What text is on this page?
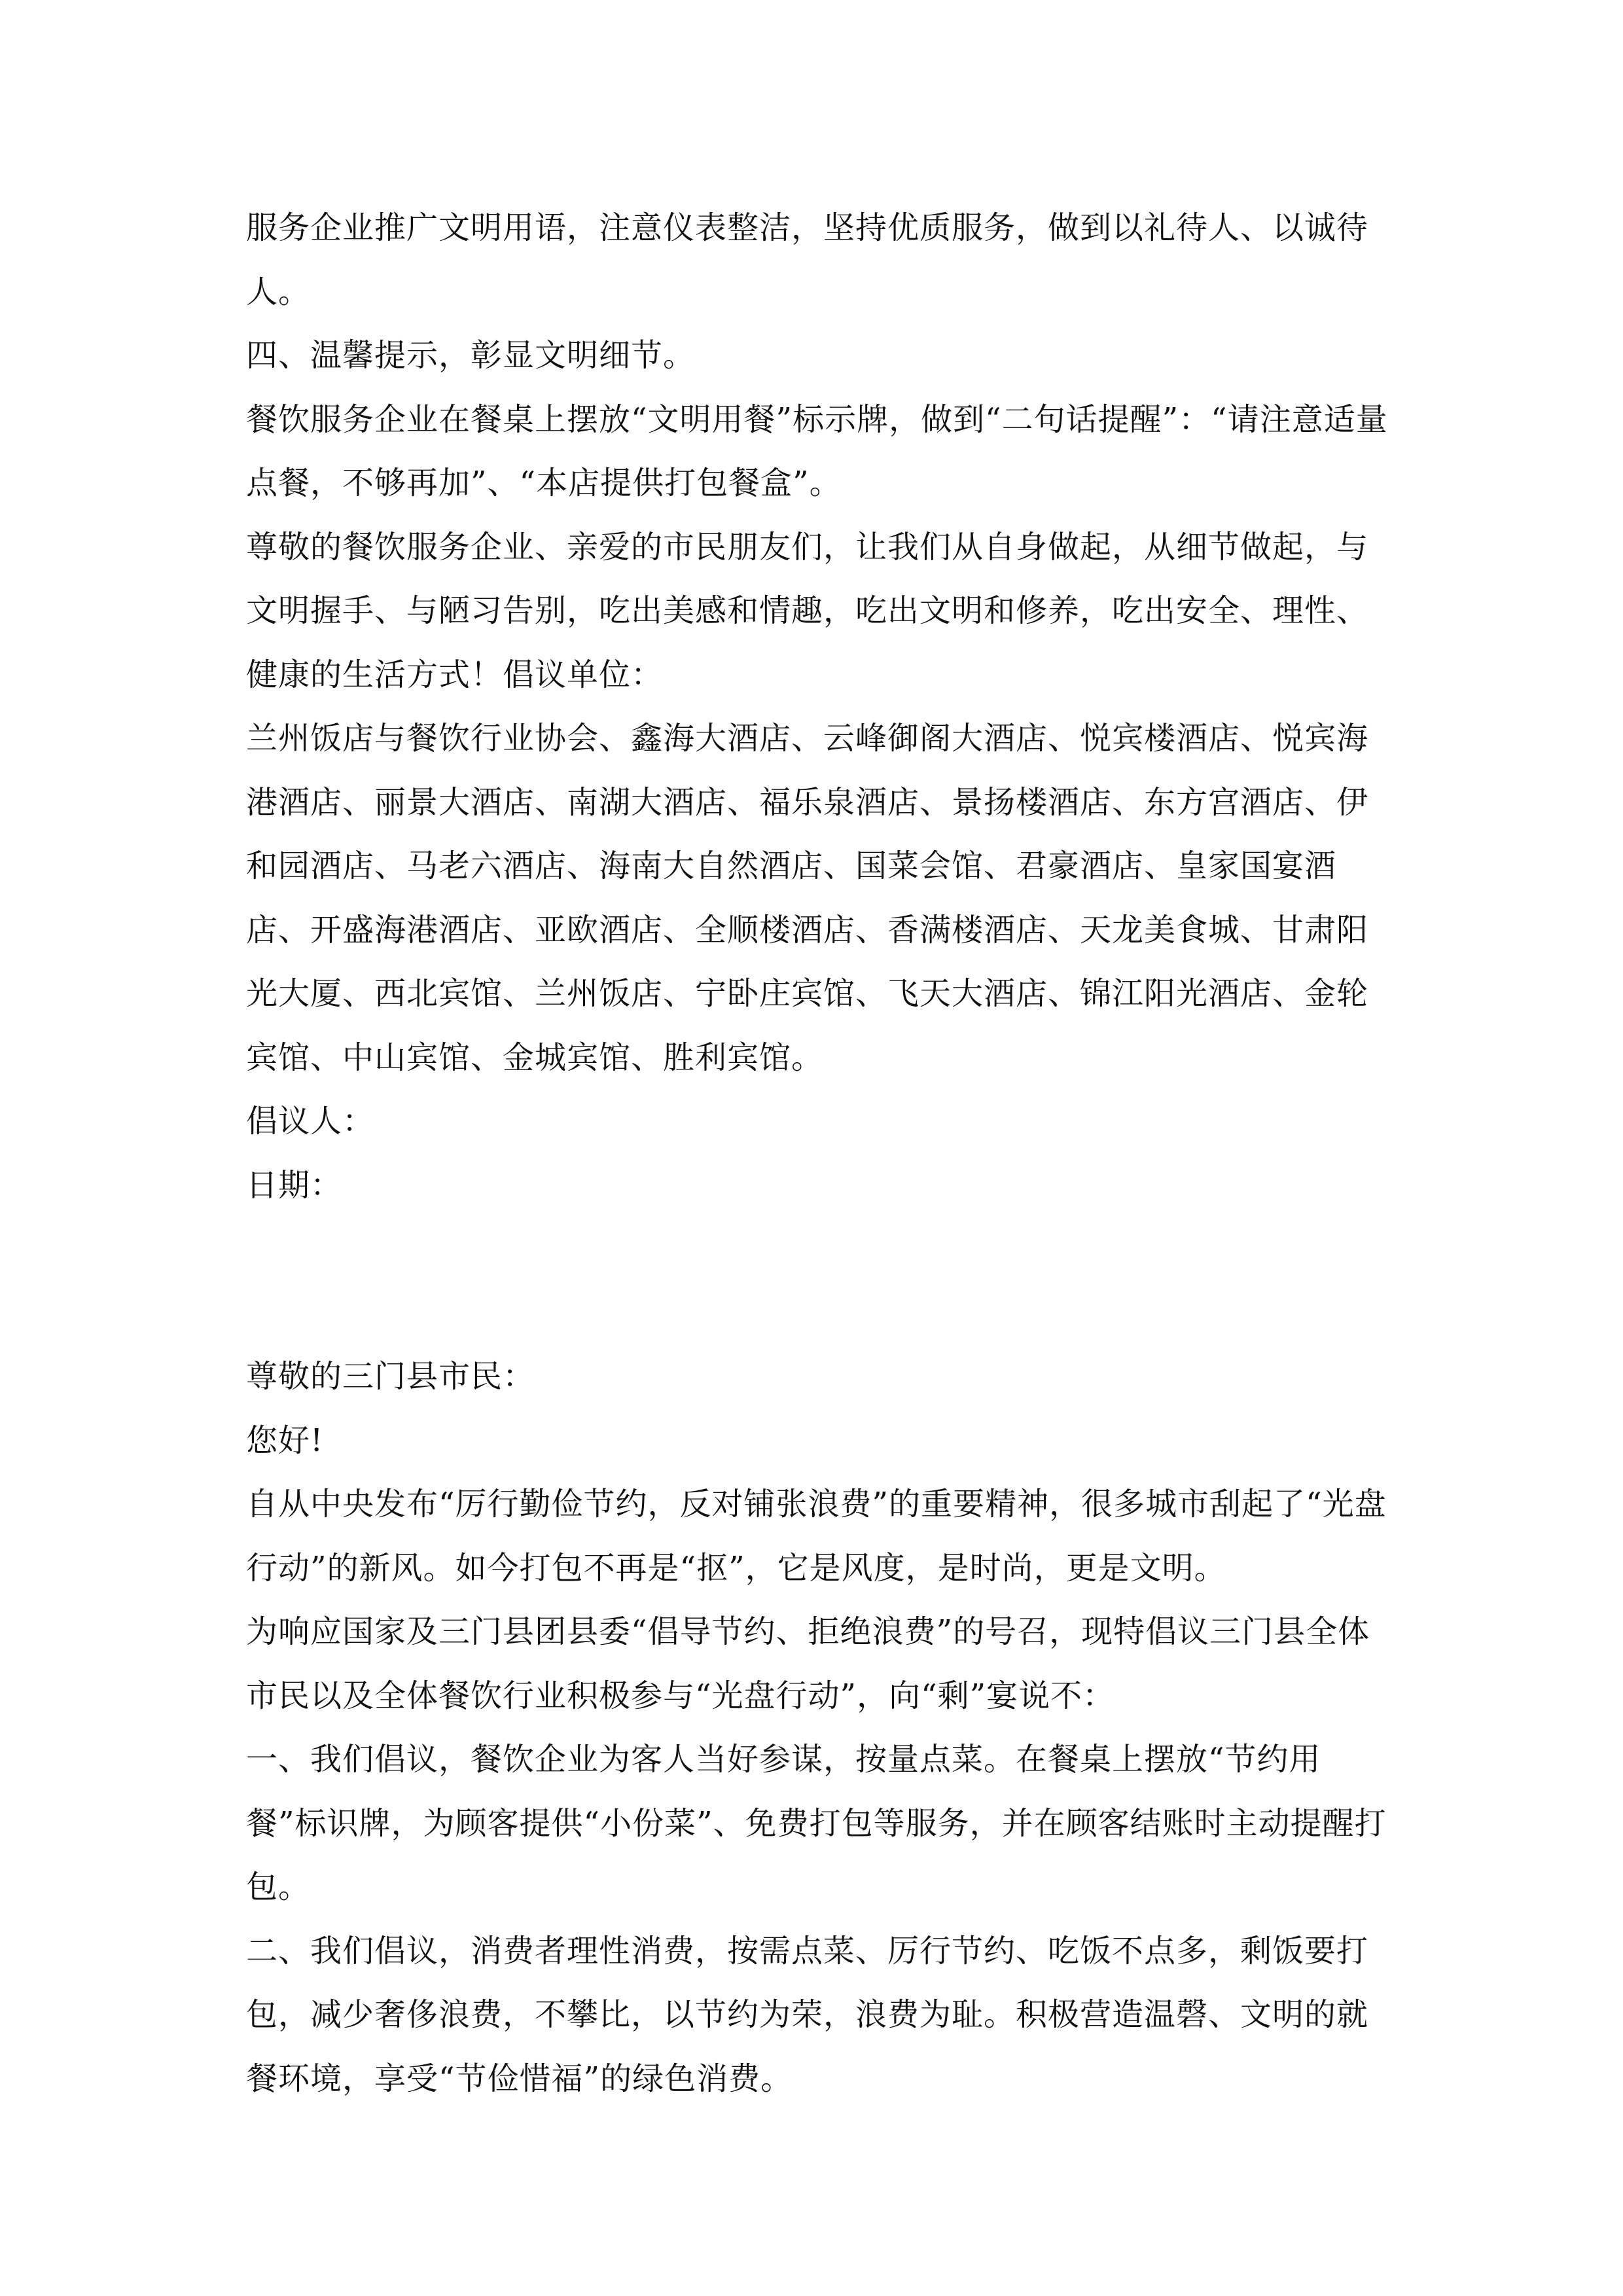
服务企业推广文明用语，注意仪表整洁，坚持优质服务，做到以礼待人、以诚待人。

四、温馨提示，彰显文明细节。

餐饮服务企业在餐桌上摆放“文明用餐”标示牌，做到“二句话提醒”：“请注意适量点餐，不够再加”、“本店提供打包餐盒”。

尊敬的餐饮服务企业、亲爱的市民朋友们，让我们从自身做起，从细节做起，与文明握手、与陋习告别，吃出美感和情趣，吃出文明和修养，吃出安全、理性、健康的生活方式！倡议单位：

兰州饭店与餐饮行业协会、鑫海大酒店、云峰御阁大酒店、悦宾楼酒店、悦宾海港酒店、丽景大酒店、南湖大酒店、福乐泉酒店、景扬楼酒店、东方宫酒店、伊和园酒店、马老六酒店、海南大自然酒店、国菜会馆、君豪酒店、皇家国宴酒店、开盛海港酒店、亚欧酒店、全顺楼酒店、香满楼酒店、天龙美食城、甘肃阳光大厦、西北宾馆、兰州饭店、宁卧庄宾馆、飞天大酒店、锦江阳光酒店、金轮宾馆、中山宾馆、金城宾馆、胜利宾馆。

倡议人：

日期：

尊敬的三门县市民：

您好!

自从中央发布“厉行勤俭节约，反对铺张浪费”的重要精神，很多城市刮起了“光盘行动”的新风。如今打包不再是“抠”，它是风度，是时尚，更是文明。

为响应国家及三门县团县委“倡导节约、拒绝浪费”的号召，现特倡议三门县全体市民以及全体餐饮行业积极参与“光盘行动”，向“剩”宴说不：

一、我们倡议，餐饮企业为客人当好参谋，按量点菜。在餐桌上摆放“节约用餐”标识牌，为顾客提供“小份菜”、免费打包等服务，并在顾客结账时主动提醒打包。

二、我们倡议，消费者理性消费，按需点菜、厉行节约、吃饭不点多，剩饭要打包，减少奢侈浪费，不攀比，以节约为荣，浪费为耻。积极营造温磬、文明的就餐环境，享受“节俭惜福”的绿色消费。
